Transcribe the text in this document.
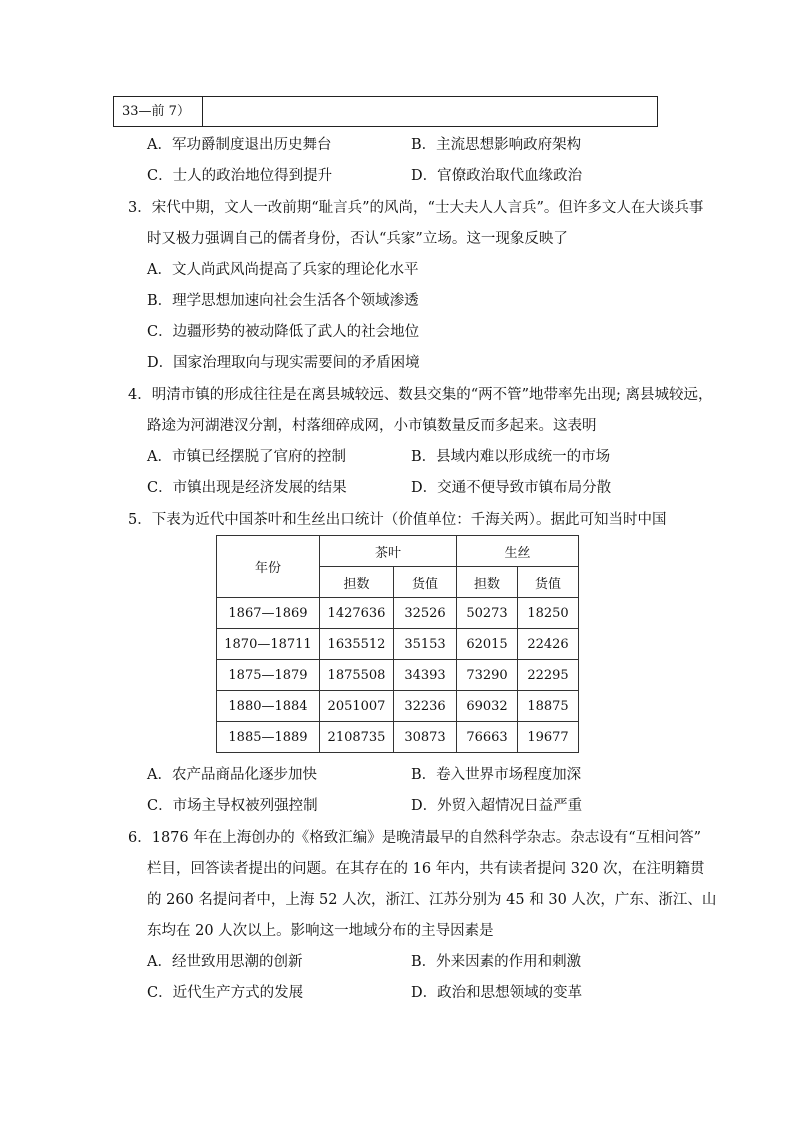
33—前 7）
A．军功爵制度退出历史舞台	B．主流思想影响政府架构
C．士人的政治地位得到提升	D．官僚政治取代血缘政治
3．宋代中期，文人一改前期“耻言兵”的风尚，“士大夫人人言兵”。但许多文人在大谈兵事
时又极力强调自己的儒者身份，否认“兵家”立场。这一现象反映了
A．文人尚武风尚提高了兵家的理论化水平
B．理学思想加速向社会生活各个领域渗透
C．边疆形势的被动降低了武人的社会地位
D．国家治理取向与现实需要间的矛盾困境
4．明清市镇的形成往往是在离县城较远、数县交集的“两不管”地带率先出现; 离县城较远，
路途为河湖港汊分割，村落细碎成网，小市镇数量反而多起来。这表明
A．市镇已经摆脱了官府的控制	B．县域内难以形成统一的市场
C．市镇出现是经济发展的结果	D．交通不便导致市镇布局分散
5．下表为近代中国茶叶和生丝出口统计（价值单位：千海关两）。据此可知当时中国
年份	茶叶		生丝	
	担数	货值	担数	货值
1867—1869	1427636	32526	50273	18250
1870—18711	1635512	35153	62015	22426
1875—1879	1875508	34393	73290	22295
1880—1884	2051007	32236	69032	18875
1885—1889	2108735	30873	76663	19677
A．农产品商品化逐步加快	B．卷入世界市场程度加深
C．市场主导权被列强控制	D．外贸入超情况日益严重
6．1876 年在上海创办的《格致汇编》是晚清最早的自然科学杂志。杂志设有“互相问答”
栏目，回答读者提出的问题。在其存在的 16 年内，共有读者提问 320 次，在注明籍贯
的 260 名提问者中，上海 52 人次，浙江、江苏分别为 45 和 30 人次，广东、浙江、山
东均在 20 人次以上。影响这一地域分布的主导因素是
A．经世致用思潮的创新	B．外来因素的作用和刺激
C．近代生产方式的发展	D．政治和思想领域的变革
